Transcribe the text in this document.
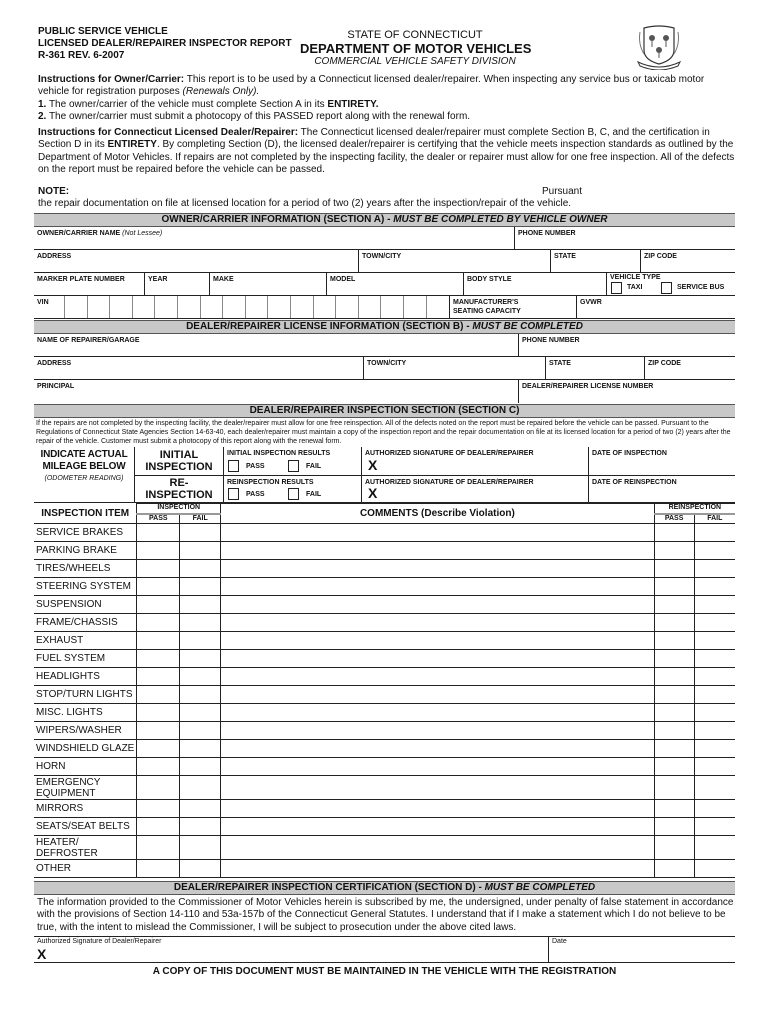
PUBLIC SERVICE VEHICLE
LICENSED DEALER/REPAIRER INSPECTOR REPORT
R-361 REV. 6-2007
STATE OF CONNECTICUT
DEPARTMENT OF MOTOR VEHICLES
COMMERCIAL VEHICLE SAFETY DIVISION
Instructions for Owner/Carrier: This report is to be used by a Connecticut licensed dealer/repairer. When inspecting any service bus or taxicab motor vehicle for registration purposes (Renewals Only).
1. The owner/carrier of the vehicle must complete Section A in its ENTIRETY.
2. The owner/carrier must submit a photocopy of this PASSED report along with the renewal form.
Instructions for Connecticut Licensed Dealer/Repairer: The Connecticut licensed dealer/repairer must complete Section B, C, and the certification in Section D in its ENTIRETY. By completing Section (D), the licensed dealer/repairer is certifying that the vehicle meets inspection standards as outlined by the Department of Motor Vehicles. If repairs are not completed by the inspecting facility, the dealer or repairer must allow for one free inspection. All of the defects on the report must be repaired before the vehicle can be passed.
NOTE:	Pursuant
the repair documentation on file at licensed location for a period of two (2) years after the inspection/repair of the vehicle.
OWNER/CARRIER INFORMATION (SECTION A) - MUST BE COMPLETED BY VEHICLE OWNER
OWNER/CARRIER NAME (Not Lessee)	PHONE NUMBER
ADDRESS	TOWN/CITY	STATE	ZIP CODE
MARKER PLATE NUMBER	YEAR	MAKE	MODEL	BODY STYLE	VEHICLE TYPE
TAXI	SERVICE BUS
VIN	MANUFACTURER'S
SEATING CAPACITY
GVWR
DEALER/REPAIRER LICENSE INFORMATION (SECTION B) - MUST BE COMPLETED
NAME OF REPAIRER/GARAGE	PHONE NUMBER
ADDRESS	TOWN/CITY	STATE	ZIP CODE
PRINCIPAL	DEALER/REPAIRER LICENSE NUMBER
DEALER/REPAIRER INSPECTION SECTION (SECTION C)
If the repairs are not completed by the inspecting facility, the dealer/repairer must allow for one free reinspection. All of the defects noted on the report must be repaired before the vehicle can be passed. Pursuant to the Regulations of Connecticut State Agencies Section 14-63-40, each dealer/repairer must maintain a copy of the inspection report and the repair documentation on file at its licensed location for a period of two (2) years after the repair of the vehicle. Customer must submit a photocopy of this report along with the renewal form.
INDICATE ACTUAL
MILEAGE BELOW
(ODOMETER READING)
INITIAL
INSPECTION
INITIAL INSPECTION RESULTS
PASS	FAIL
AUTHORIZED SIGNATURE OF DEALER/REPAIRER
X
DATE OF INSPECTION
RE-
INSPECTION
REINSPECTION RESULTS
PASS	FAIL
AUTHORIZED SIGNATURE OF DEALER/REPAIRER
X
DATE OF REINSPECTION
INSPECTION ITEM	INSPECTION		COMMENTS (Describe Violation)	REINSPECTION	
	PASS	FAIL		PASS	FAIL
SERVICE BRAKES					
PARKING BRAKE					
TIRES/WHEELS					
STEERING SYSTEM					
SUSPENSION					
FRAME/CHASSIS					
EXHAUST					
FUEL SYSTEM					
HEADLIGHTS					
STOP/TURN LIGHTS					
MISC. LIGHTS					
WIPERS/WASHER					
WINDSHIELD GLAZE					
HORN					
EMERGENCY EQUIPMENT					
MIRRORS					
SEATS/SEAT BELTS					
HEATER/ DEFROSTER					
OTHER					
DEALER/REPAIRER INSPECTION CERTIFICATION (SECTION D) - MUST BE COMPLETED
The information provided to the Commissioner of Motor Vehicles herein is subscribed by me, the undersigned, under penalty of false statement in accordance with the provisions of Section 14-110 and 53a-157b of the Connecticut General Statutes. I understand that if I make a statement which I do not believe to be true, with the intent to mislead the Commissioner, I will be subject to prosecution under the above cited laws.
Authorized Signature of Dealer/Repairer
X
Date
A COPY OF THIS DOCUMENT MUST BE MAINTAINED IN THE VEHICLE WITH THE REGISTRATION
